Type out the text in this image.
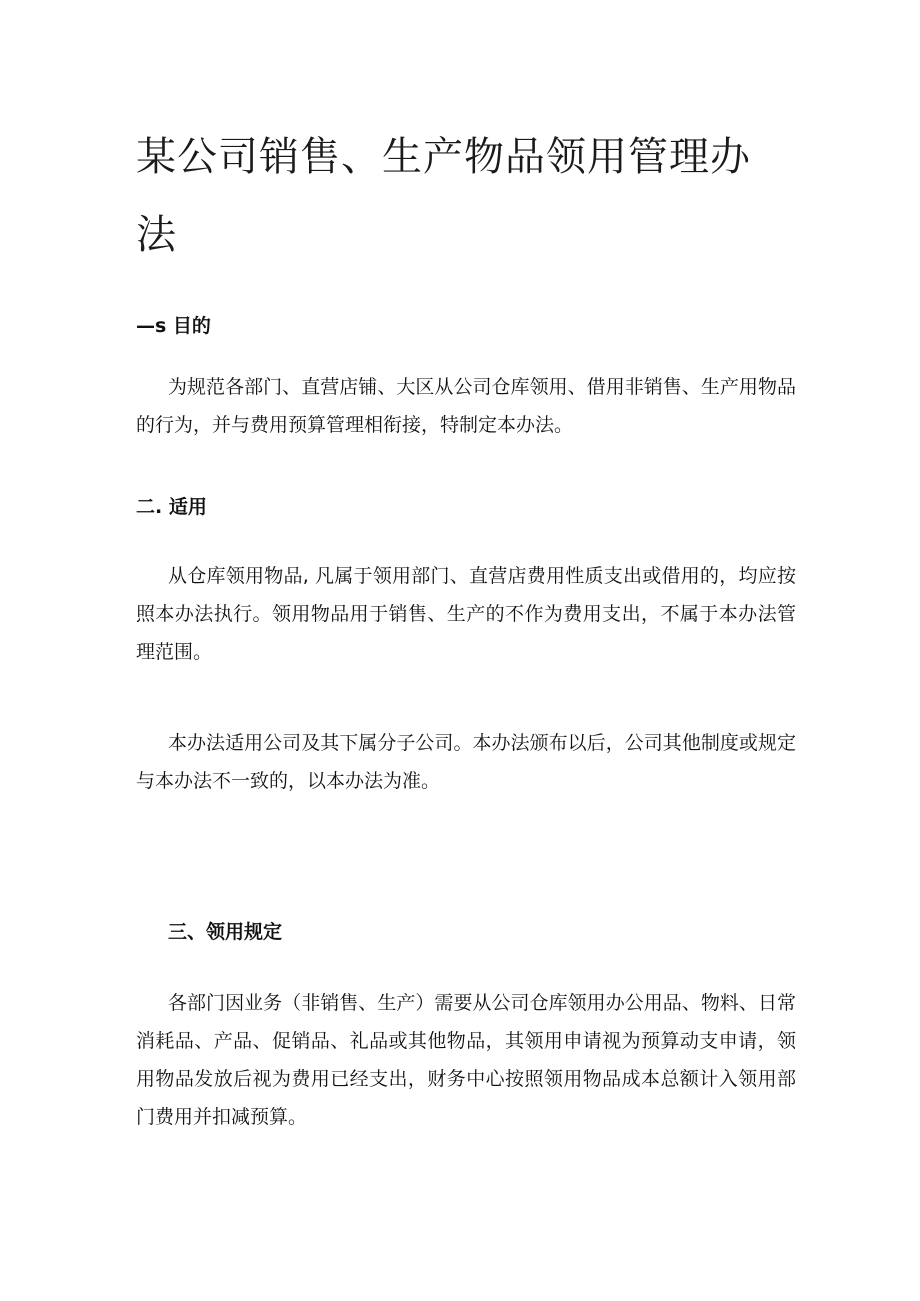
某公司销售、生产物品领用管理办法
—s 目的

为规范各部门、直营店铺、大区从公司仓库领用、借用非销售、生产用物品的行为，并与费用预算管理相衔接，特制定本办法。

二. 适用

从仓库领用物品, 凡属于领用部门、直营店费用性质支出或借用的，均应按照本办法执行。领用物品用于销售、生产的不作为费用支出，不属于本办法管理范围。

本办法适用公司及其下属分子公司。本办法颁布以后，公司其他制度或规定与本办法不一致的，以本办法为准。

三、领用规定

各部门因业务（非销售、生产）需要从公司仓库领用办公用品、物料、日常消耗品、产品、促销品、礼品或其他物品，其领用申请视为预算动支申请，领用物品发放后视为费用已经支出，财务中心按照领用物品成本总额计入领用部门费用并扣减预算。
